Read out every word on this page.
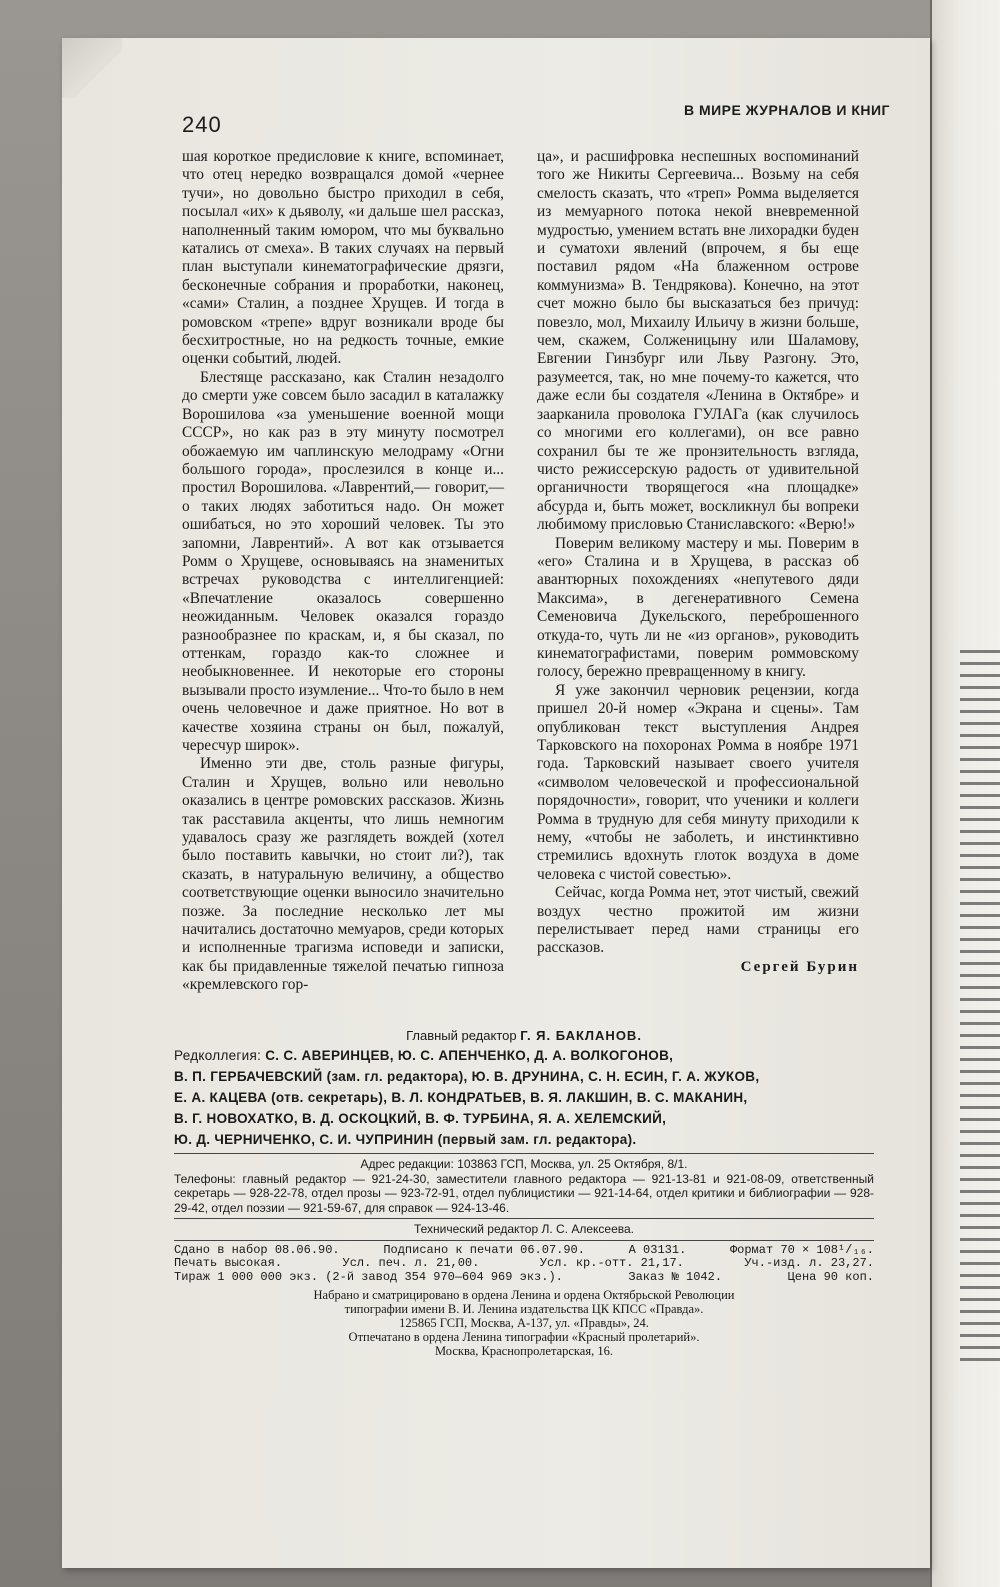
240
В МИРЕ ЖУРНАЛОВ И КНИГ

шая короткое предисловие к книге, вспоминает, что отец нередко возвращался домой «чернее тучи», но довольно быстро приходил в себя, посылал «их» к дьяволу, «и дальше шел рассказ, наполненный таким юмором, что мы буквально катались от смеха». В таких случаях на первый план выступали кинематографические дрязги, бесконечные собрания и проработки, наконец, «сами» Сталин, а позднее Хрущев. И тогда в ромовском «трепе» вдруг возникали вроде бы бесхитростные, но на редкость точные, емкие оценки событий, людей.

Блестяще рассказано, как Сталин незадолго до смерти уже совсем было засадил в каталажку Ворошилова «за уменьшение военной мощи СССР», но как раз в эту минуту посмотрел обожаемую им чаплинскую мелодраму «Огни большого города», прослезился в конце и... простил Ворошилова. «Лаврентий,— говорит,— о таких людях заботиться надо. Он может ошибаться, но это хороший человек. Ты это запомни, Лаврентий». А вот как отзывается Ромм о Хрущеве, основываясь на знаменитых встречах руководства с интеллигенцией: «Впечатление оказалось совершенно неожиданным. Человек оказался гораздо разнообразнее по краскам, и, я бы сказал, по оттенкам, гораздо как-то сложнее и необыкновеннее. И некоторые его стороны вызывали просто изумление... Что-то было в нем очень человечное и даже приятное. Но вот в качестве хозяина страны он был, пожалуй, чересчур широк».

Именно эти две, столь разные фигуры, Сталин и Хрущев, вольно или невольно оказались в центре ромовских рассказов. Жизнь так расставила акценты, что лишь немногим удавалось сразу же разглядеть вождей (хотел было поставить кавычки, но стоит ли?), так сказать, в натуральную величину, а общество соответствующие оценки выносило значительно позже. За последние несколько лет мы начитались достаточно мемуаров, среди которых и исполненные трагизма исповеди и записки, как бы придавленные тяжелой печатью гипноза «кремлевского гор-

ца», и расшифровка неспешных воспоминаний того же Никиты Сергеевича... Возьму на себя смелость сказать, что «треп» Ромма выделяется из мемуарного потока некой вневременной мудростью, умением встать вне лихорадки буден и суматохи явлений (впрочем, я бы еще поставил рядом «На блаженном острове коммунизма» В. Тендрякова). Конечно, на этот счет можно было бы высказаться без причуд: повезло, мол, Михаилу Ильичу в жизни больше, чем, скажем, Солженицыну или Шаламову, Евгении Гинзбург или Льву Разгону. Это, разумеется, так, но мне почему-то кажется, что даже если бы создателя «Ленина в Октябре» и заарканила проволока ГУЛАГа (как случилось со многими его коллегами), он все равно сохранил бы те же пронзительность взгляда, чисто режиссерскую радость от удивительной органичности творящегося «на площадке» абсурда и, быть может, воскликнул бы вопреки любимому присловью Станиславского: «Верю!»

Поверим великому мастеру и мы. Поверим в «его» Сталина и в Хрущева, в рассказ об авантюрных похождениях «непутевого дяди Максима», в дегенеративного Семена Семеновича Дукельского, переброшенного откуда-то, чуть ли не «из органов», руководить кинематографистами, поверим роммовскому голосу, бережно превращенному в книгу.

Я уже закончил черновик рецензии, когда пришел 20-й номер «Экрана и сцены». Там опубликован текст выступления Андрея Тарковского на похоронах Ромма в ноябре 1971 года. Тарковский называет своего учителя «символом человеческой и профессиональной порядочности», говорит, что ученики и коллеги Ромма в трудную для себя минуту приходили к нему, «чтобы не заболеть, и инстинктивно стремились вдохнуть глоток воздуха в доме человека с чистой совестью».

Сейчас, когда Ромма нет, этот чистый, свежий воздух честно прожитой им жизни перелистывает перед нами страницы его рассказов.

Сергей Бурин

Главный редактор Г. Я. БАКЛАНОВ.
Редколлегия: С. С. АВЕРИНЦЕВ, Ю. С. АПЕНЧЕНКО, Д. А. ВОЛКОГОНОВ,
В. П. ГЕРБАЧЕВСКИЙ (зам. гл. редактора), Ю. В. ДРУНИНА, С. Н. ЕСИН, Г. А. ЖУКОВ,
Е. А. КАЦЕВА (отв. секретарь), В. Л. КОНДРАТЬЕВ, В. Я. ЛАКШИН, В. С. МАКАНИН,
В. Г. НОВОХАТКО, В. Д. ОСКОЦКИЙ, В. Ф. ТУРБИНА, Я. А. ХЕЛЕМСКИЙ,
Ю. Д. ЧЕРНИЧЕНКО, С. И. ЧУПРИНИН (первый зам. гл. редактора).
Адрес редакции: 103863 ГСП, Москва, ул. 25 Октября, 8/1.
Телефоны: главный редактор — 921-24-30, заместители главного редактора — 921-13-81 и 921-08-09, ответственный секретарь — 928-22-78, отдел прозы — 923-72-91, отдел публицистики — 921-14-64, отдел критики и библиографии — 928-29-42, отдел поэзии — 921-59-67, для справок — 924-13-46.
Технический редактор Л. С. Алексеева.
Сдано в набор 08.06.90.	Подписано к печати 06.07.90.	А 03131.	Формат 70 × 108¹/₁₆.
Печать высокая.	Усл. печ. л. 21,00.	Усл. кр.-отт. 21,17.	Уч.-изд. л. 23,27.
Тираж 1 000 000 экз. (2-й завод 354 970—604 969 экз.).	Заказ № 1042.	Цена 90 коп.
Набрано и сматрицировано в ордена Ленина и ордена Октябрьской Революции
типографии имени В. И. Ленина издательства ЦК КПСС «Правда».
125865 ГСП, Москва, А-137, ул. «Правды», 24.
Отпечатано в ордена Ленина типографии «Красный пролетарий».
Москва, Краснопролетарская, 16.
